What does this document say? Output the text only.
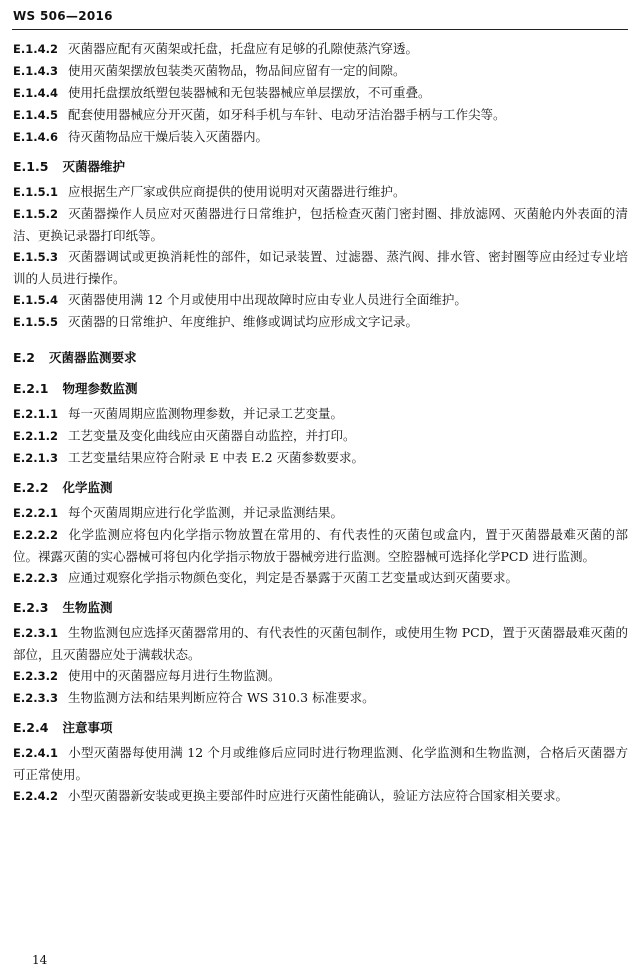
WS 506—2016
E.1.4.2 灭菌器应配有灭菌架或托盘，托盘应有足够的孔隙使蒸汽穿透。
E.1.4.3 使用灭菌架摆放包装类灭菌物品，物品间应留有一定的间隙。
E.1.4.4 使用托盘摆放纸塑包装器械和无包装器械应单层摆放，不可重叠。
E.1.4.5 配套使用器械应分开灭菌，如牙科手机与车针、电动牙洁治器手柄与工作尖等。
E.1.4.6 待灭菌物品应干燥后装入灭菌器内。
E.1.5 灭菌器维护
E.1.5.1 应根据生产厂家或供应商提供的使用说明对灭菌器进行维护。
E.1.5.2 灭菌器操作人员应对灭菌器进行日常维护，包括检查灭菌门密封圈、排放滤网、灭菌舱内外表面的清洁、更换记录器打印纸等。
E.1.5.3 灭菌器调试或更换消耗性的部件，如记录装置、过滤器、蒸汽阀、排水管、密封圈等应由经过专业培训的人员进行操作。
E.1.5.4 灭菌器使用满 12 个月或使用中出现故障时应由专业人员进行全面维护。
E.1.5.5 灭菌器的日常维护、年度维护、维修或调试均应形成文字记录。
E.2 灭菌器监测要求
E.2.1 物理参数监测
E.2.1.1 每一灭菌周期应监测物理参数，并记录工艺变量。
E.2.1.2 工艺变量及变化曲线应由灭菌器自动监控，并打印。
E.2.1.3 工艺变量结果应符合附录 E 中表 E.2 灭菌参数要求。
E.2.2 化学监测
E.2.2.1 每个灭菌周期应进行化学监测，并记录监测结果。
E.2.2.2 化学监测应将包内化学指示物放置在常用的、有代表性的灭菌包或盒内，置于灭菌器最难灭菌的部位。裸露灭菌的实心器械可将包内化学指示物放于器械旁进行监测。空腔器械可选择化学PCD 进行监测。
E.2.2.3 应通过观察化学指示物颜色变化，判定是否暴露于灭菌工艺变量或达到灭菌要求。
E.2.3 生物监测
E.2.3.1 生物监测包应选择灭菌器常用的、有代表性的灭菌包制作，或使用生物 PCD，置于灭菌器最难灭菌的部位，且灭菌器应处于满载状态。
E.2.3.2 使用中的灭菌器应每月进行生物监测。
E.2.3.3 生物监测方法和结果判断应符合 WS 310.3 标准要求。
E.2.4 注意事项
E.2.4.1 小型灭菌器每使用满 12 个月或维修后应同时进行物理监测、化学监测和生物监测，合格后灭菌器方可正常使用。
E.2.4.2 小型灭菌器新安装或更换主要部件时应进行灭菌性能确认，验证方法应符合国家相关要求。
14
